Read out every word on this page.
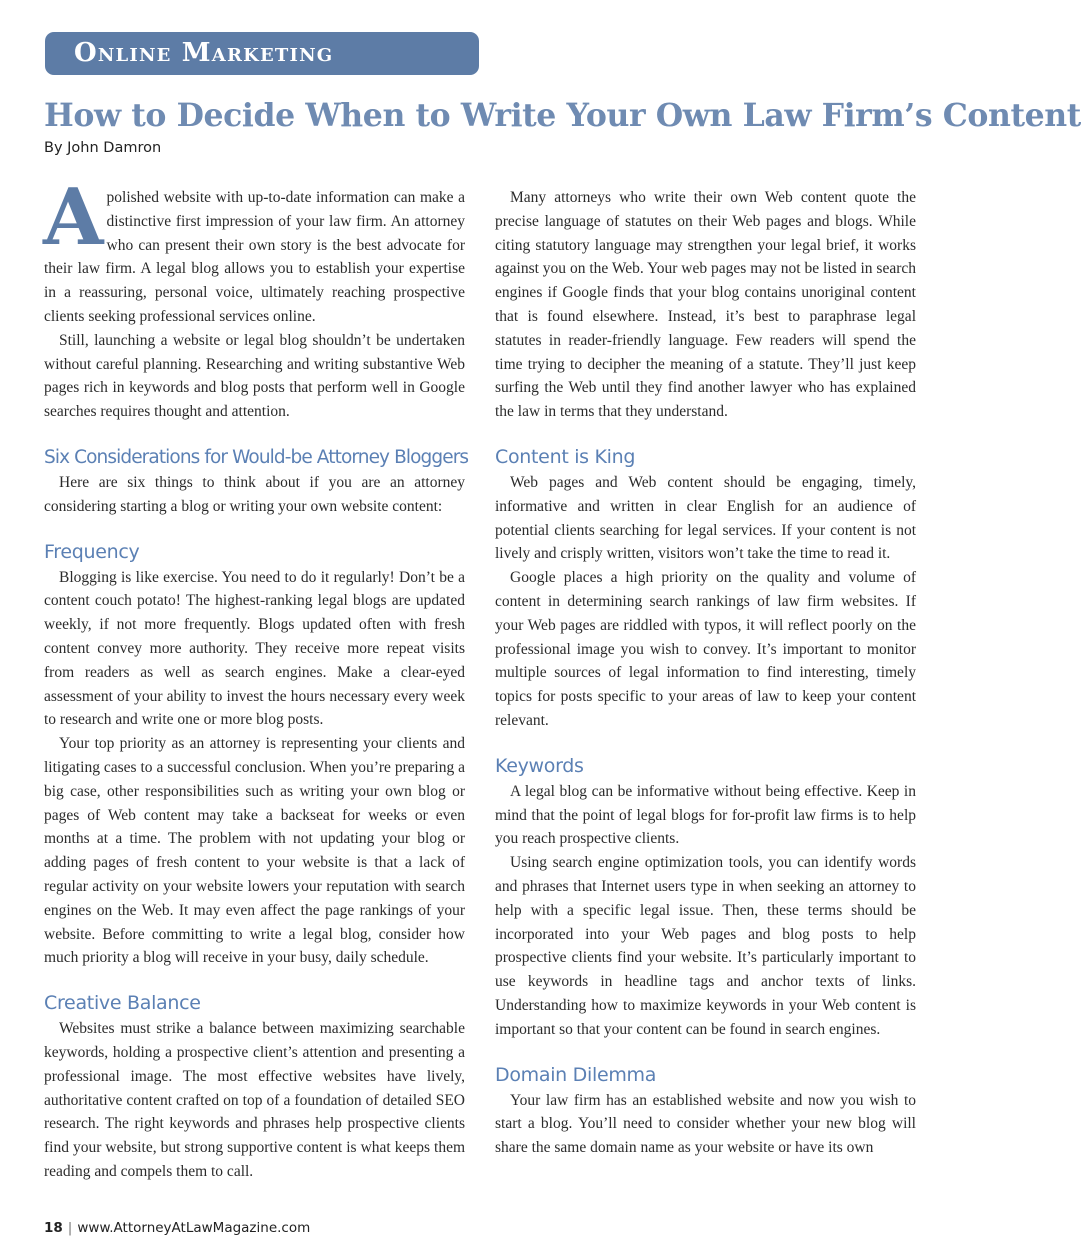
Online Marketing
How to Decide When to Write Your Own Law Firm’s Content
By John Damron

Apolished website with up-to-date information can make a distinctive first impression of your law firm. An attorney who can present their own story is the best advocate for their law firm. A legal blog allows you to establish your expertise in a reassuring, personal voice, ultimately reaching prospective clients seeking professional services online.

Still, launching a website or legal blog shouldn’t be undertaken without careful planning. Researching and writing substantive Web pages rich in keywords and blog posts that perform well in Google searches requires thought and attention.

Six Considerations for Would-be Attorney Bloggers

Here are six things to think about if you are an attorney considering starting a blog or writing your own website content:

Frequency

Blogging is like exercise. You need to do it regularly! Don’t be a content couch potato! The highest-ranking legal blogs are updated weekly, if not more frequently. Blogs updated often with fresh content convey more authority. They receive more repeat visits from readers as well as search engines. Make a clear-eyed assessment of your ability to invest the hours necessary every week to research and write one or more blog posts.

Your top priority as an attorney is representing your clients and litigating cases to a successful conclusion. When you’re preparing a big case, other responsibilities such as writing your own blog or pages of Web content may take a backseat for weeks or even months at a time. The problem with not updating your blog or adding pages of fresh content to your website is that a lack of regular activity on your website lowers your reputation with search engines on the Web. It may even affect the page rankings of your website. Before committing to write a legal blog, consider how much priority a blog will receive in your busy, daily schedule.

Creative Balance

Websites must strike a balance between maximizing searchable keywords, holding a prospective client’s attention and presenting a professional image. The most effective websites have lively, authoritative content crafted on top of a foundation of detailed SEO research. The right keywords and phrases help prospective clients find your website, but strong supportive content is what keeps them reading and compels them to call.

Many attorneys who write their own Web content quote the precise language of statutes on their Web pages and blogs. While citing statutory language may strengthen your legal brief, it works against you on the Web. Your web pages may not be listed in search engines if Google finds that your blog contains unoriginal content that is found elsewhere. Instead, it’s best to paraphrase legal statutes in reader-friendly language. Few readers will spend the time trying to decipher the meaning of a statute. They’ll just keep surfing the Web until they find another lawyer who has explained the law in terms that they understand.

Content is King

Web pages and Web content should be engaging, timely, informative and written in clear English for an audience of potential clients searching for legal services. If your content is not lively and crisply written, visitors won’t take the time to read it.

Google places a high priority on the quality and volume of content in determining search rankings of law firm websites. If your Web pages are riddled with typos, it will reflect poorly on the professional image you wish to convey. It’s important to monitor multiple sources of legal information to find interesting, timely topics for posts specific to your areas of law to keep your content relevant.

Keywords

A legal blog can be informative without being effective. Keep in mind that the point of legal blogs for for-profit law firms is to help you reach prospective clients.

Using search engine optimization tools, you can identify words and phrases that Internet users type in when seeking an attorney to help with a specific legal issue. Then, these terms should be incorporated into your Web pages and blog posts to help prospective clients find your website. It’s particularly important to use keywords in headline tags and anchor texts of links. Understanding how to maximize keywords in your Web content is important so that your content can be found in search engines.

Domain Dilemma

Your law firm has an established website and now you wish to start a blog. You’ll need to consider whether your new blog will share the same domain name as your website or have its own

18 | www.AttorneyAtLawMagazine.com
